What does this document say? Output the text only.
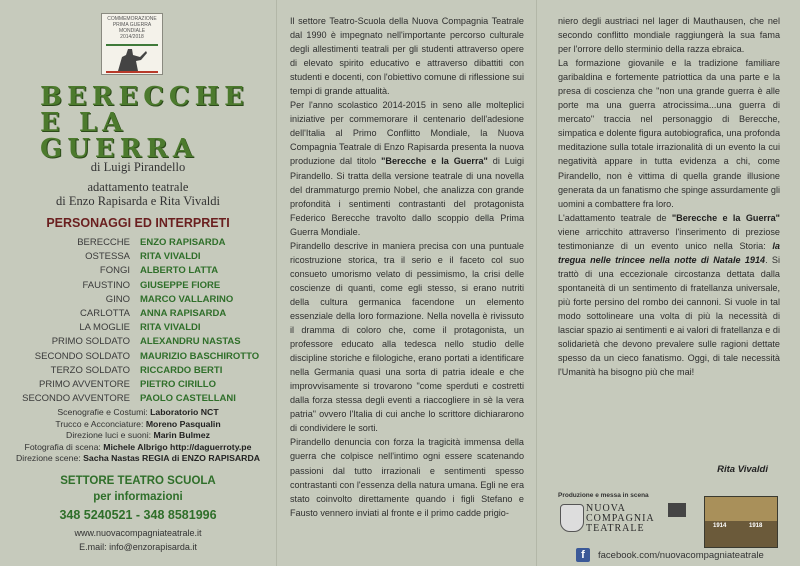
COMMEMORAZIONE
PRIMA GUERRA
MONDIALE
2014/2018
BERECCHE
E LA
GUERRA
di Luigi Pirandello
adattamento teatrale
di Enzo Rapisarda e Rita Vivaldi
PERSONAGGI ED INTERPRETI
BERECCHE	ENZO RAPISARDA
OSTESSA	RITA VIVALDI
FONGI	ALBERTO LATTA
FAUSTINO	GIUSEPPE FIORE
GINO	MARCO VALLARINO
CARLOTTA	ANNA RAPISARDA
LA MOGLIE	RITA VIVALDI
PRIMO SOLDATO	ALEXANDRU NASTAS
SECONDO SOLDATO	MAURIZIO BASCHIROTTO
TERZO SOLDATO	RICCARDO BERTI
PRIMO AVVENTORE	PIETRO CIRILLO
SECONDO AVVENTORE	PAOLO CASTELLANI
Scenografie e Costumi: Laboratorio NCT
Trucco e Acconciature: Moreno Pasqualin
Direzione luci e suoni: Marin Bulmez
Fotografia di scena: Michele Albrigo http://daguerroty.pe
Direzione scene: Sacha Nastas REGIA di ENZO RAPISARDA
SETTORE TEATRO SCUOLA
per informazioni
348 5240521 - 348 8581996
www.nuovacompagniateatrale.it
E.mail: info@enzorapisarda.it

Il settore Teatro-Scuola della Nuova Compagnia Teatrale dal 1990 è impegnato nell'importante percorso culturale degli allestimenti teatrali per gli studenti attraverso opere di elevato spirito educativo e attraverso dibattiti con studenti e docenti, con l'obiettivo comune di riflessione sui tempi di grande attualità.

Per l'anno scolastico 2014-2015 in seno alle molteplici iniziative per commemorare il centenario dell'adesione dell'Italia al Primo Conflitto Mondiale, la Nuova Compagnia Teatrale di Enzo Rapisarda presenta la nuova produzione dal titolo "Berecche e la Guerra" di Luigi Pirandello. Si tratta della versione teatrale di una novella del drammaturgo premio Nobel, che analizza con grande profondità i sentimenti contrastanti del protagonista Federico Berecche travolto dallo scoppio della Prima Guerra Mondiale.

Pirandello descrive in maniera precisa con una puntuale ricostruzione storica, tra il serio e il faceto col suo consueto umorismo velato di pessimismo, la crisi delle coscienze di quanti, come egli stesso, si erano nutriti della cultura germanica facendone un elemento essenziale della loro formazione. Nella novella è rivissuto il dramma di coloro che, come il protagonista, un professore educato alla tedesca nello studio delle discipline storiche e filologiche, erano portati a identificare nella Germania quasi una sorta di patria ideale e che improvvisamente si trovarono "come sperduti e costretti dalla forza stessa degli eventi a riaccogliere in sè la vera patria" ovvero l'Italia di cui anche lo scrittore dichiararono di condividere le sorti.

Pirandello denuncia con forza la tragicità immensa della guerra che colpisce nell'intimo ogni essere scatenando passioni dal tutto irrazionali e sentimenti spesso contrastanti con l'essenza della natura umana. Egli ne era stato coinvolto direttamente quando i figli Stefano e Fausto vennero inviati al fronte e il primo cadde prigio-

niero degli austriaci nel lager di Mauthausen, che nel secondo conflitto mondiale raggiungerà la sua fama per l'orrore dello sterminio della razza ebraica.

La formazione giovanile e la tradizione familiare garibaldina e fortemente patriottica da una parte e la presa di coscienza che "non una grande guerra è alle porte ma una guerra atrocissima...una guerra di mercato" traccia nel personaggio di Berecche, simpatica e dolente figura autobiografica, una profonda meditazione sulla totale irrazionalità di un evento la cui negatività appare in tutta evidenza a chi, come Pirandello, non è vittima di quella grande illusione generata da un fanatismo che spinge assurdamente gli uomini a combattere fra loro.

L'adattamento teatrale de "Berecche e la Guerra" viene arricchito attraverso l'inserimento di preziose testimonianze di un evento unico nella Storia: la tregua nelle trincee nella notte di Natale 1914. Si trattò di una eccezionale circostanza dettata dalla spontaneità di un sentimento di fratellanza universale, più forte persino del rombo dei cannoni. Si vuole in tal modo sottolineare una volta di più la necessità di lasciar spazio ai sentimenti e ai valori di fratellanza e di solidarietà che devono prevalere sulle ragioni dettate spesso da un cieco fanatismo. Oggi, di tale necessità l'Umanità ha bisogno più che mai!

Rita Vivaldi
Produzione e messa in scena
NUOVA
COMPAGNIA
TEATRALE	1914	1918
f	facebook.com/nuovacompagniateatrale
